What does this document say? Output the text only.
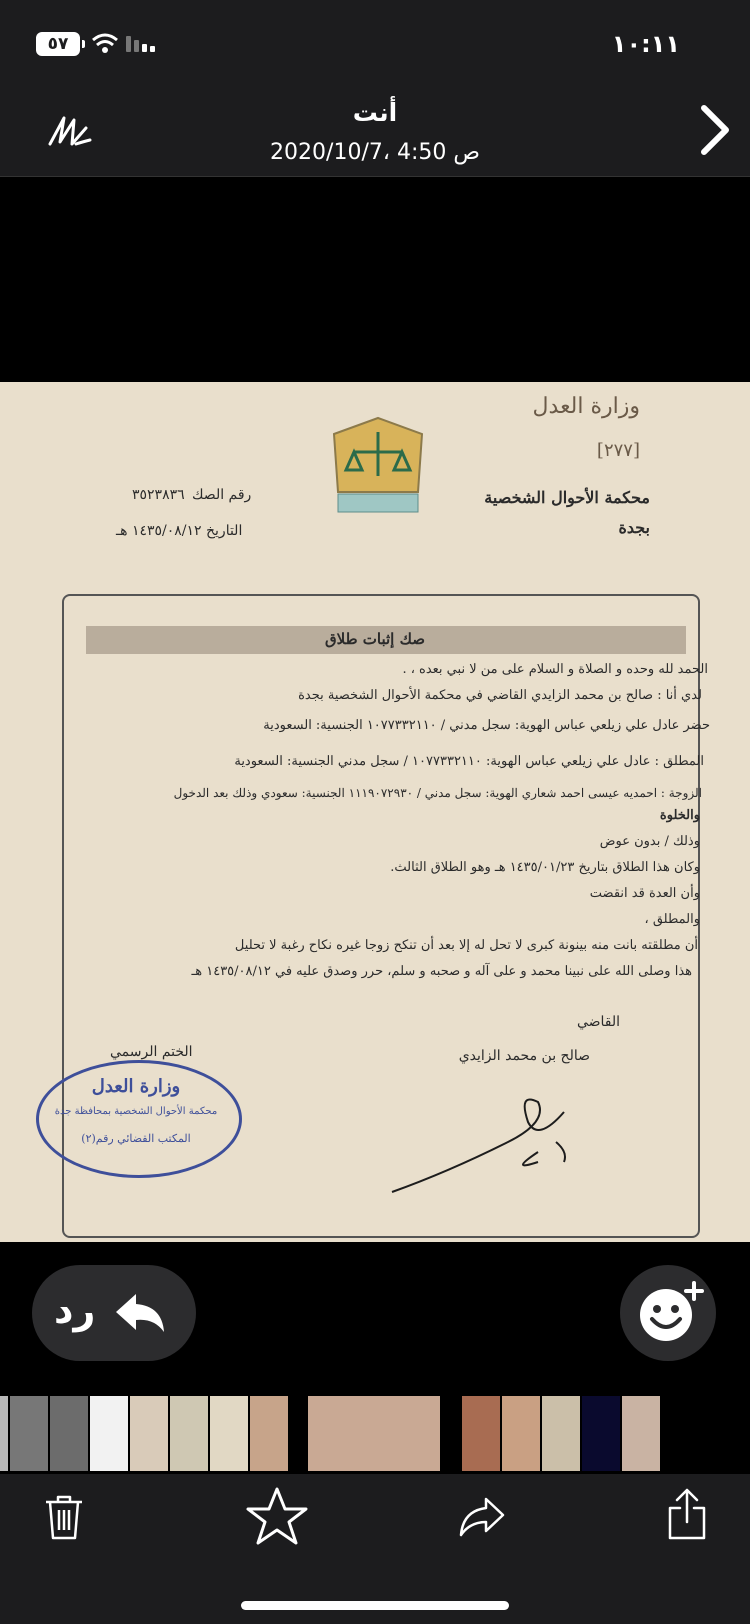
٥٧	١٠:١١
أنت
2020/10/7، 4:50 ص
وزارة العدل
[٢٧٧]
محكمة الأحوال الشخصية
بجدة
رقم الصك
٣٥٢٣٨٣٦
التاريخ
١٤٣٥/٠٨/١٢ هـ
صك إثبات طلاق
الحمد لله وحده و الصلاة و السلام على من لا نبي بعده ، .
لدي أنا : صالح بن محمد الزايدي القاضي في محكمة الأحوال الشخصية بجدة
حضر عادل علي زيلعي عباس الهوية: سجل مدني / ١٠٧٧٣٣٢١١٠ الجنسية: السعودية
المطلق : عادل علي زيلعي عباس الهوية: ١٠٧٧٣٣٢١١٠ / سجل مدني الجنسية: السعودية
الزوجة : احمديه عيسى احمد شعاري الهوية: سجل مدني / ١١١٩٠٧٢٩٣٠ الجنسية: سعودي وذلك بعد الدخول
والخلوة
وذلك / بدون عوض
وكان هذا الطلاق بتاريخ ١٤٣٥/٠١/٢٣ هـ وهو الطلاق الثالث.
وأن العدة قد انقضت
والمطلق ،
أن مطلقته بانت منه بينونة كبرى لا تحل له إلا بعد أن تنكح زوجا غيره نكاح رغبة لا تحليل
هذا وصلى الله على نبينا محمد و على آله و صحبه و سلم، حرر وصدق عليه في ١٤٣٥/٠٨/١٢ هـ
القاضي
صالح بن محمد الزايدي
الختم الرسمي
وزارة العدل
محكمة الأحوال الشخصية بمحافظة جدة
المكتب القضائي رقم(٢)
رد
